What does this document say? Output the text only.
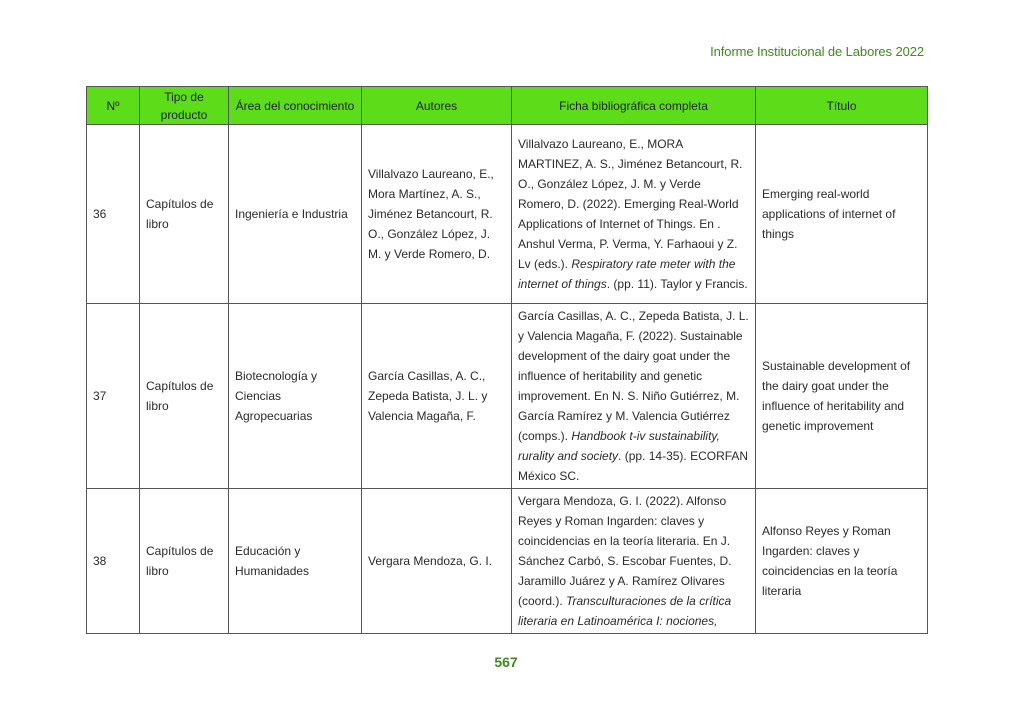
Informe Institucional de Labores 2022
Nº	Tipo de producto	Área del conocimiento	Autores	Ficha bibliográfica completa	Título
36	Capítulos de libro	Ingeniería e Industria	Villalvazo Laureano, E., Mora Martínez, A. S., Jiménez Betancourt, R. O., González López, J. M. y Verde Romero, D.	Villalvazo Laureano, E., MORA MARTINEZ, A. S., Jiménez Betancourt, R. O., González López, J. M. y Verde Romero, D. (2022). Emerging Real-World Applications of Internet of Things. En . Anshul Verma, P. Verma, Y. Farhaoui y Z. Lv (eds.). Respiratory rate meter with the internet of things. (pp. 11). Taylor y Francis.	Emerging real-world applications of internet of things
37	Capítulos de libro	Biotecnología y Ciencias Agropecuarias	García Casillas, A. C., Zepeda Batista, J. L. y Valencia Magaña, F.	García Casillas, A. C., Zepeda Batista, J. L. y Valencia Magaña, F. (2022). Sustainable development of the dairy goat under the influence of heritability and genetic improvement. En N. S. Niño Gutiérrez, M. García Ramírez y M. Valencia Gutiérrez (comps.). Handbook t-iv sustainability, rurality and society. (pp. 14-35). ECORFAN México SC.	Sustainable development of the dairy goat under the influence of heritability and genetic improvement
38	Capítulos de libro	Educación y Humanidades	Vergara Mendoza, G. I.	Vergara Mendoza, G. I. (2022). Alfonso Reyes y Roman Ingarden: claves y coincidencias en la teoría literaria. En J. Sánchez Carbó, S. Escobar Fuentes, D. Jaramillo Juárez y A. Ramírez Olivares (coord.). Transculturaciones de la crítica literaria en Latinoamérica I: nociones,	Alfonso Reyes y Roman Ingarden: claves y coincidencias en la teoría literaria
567
